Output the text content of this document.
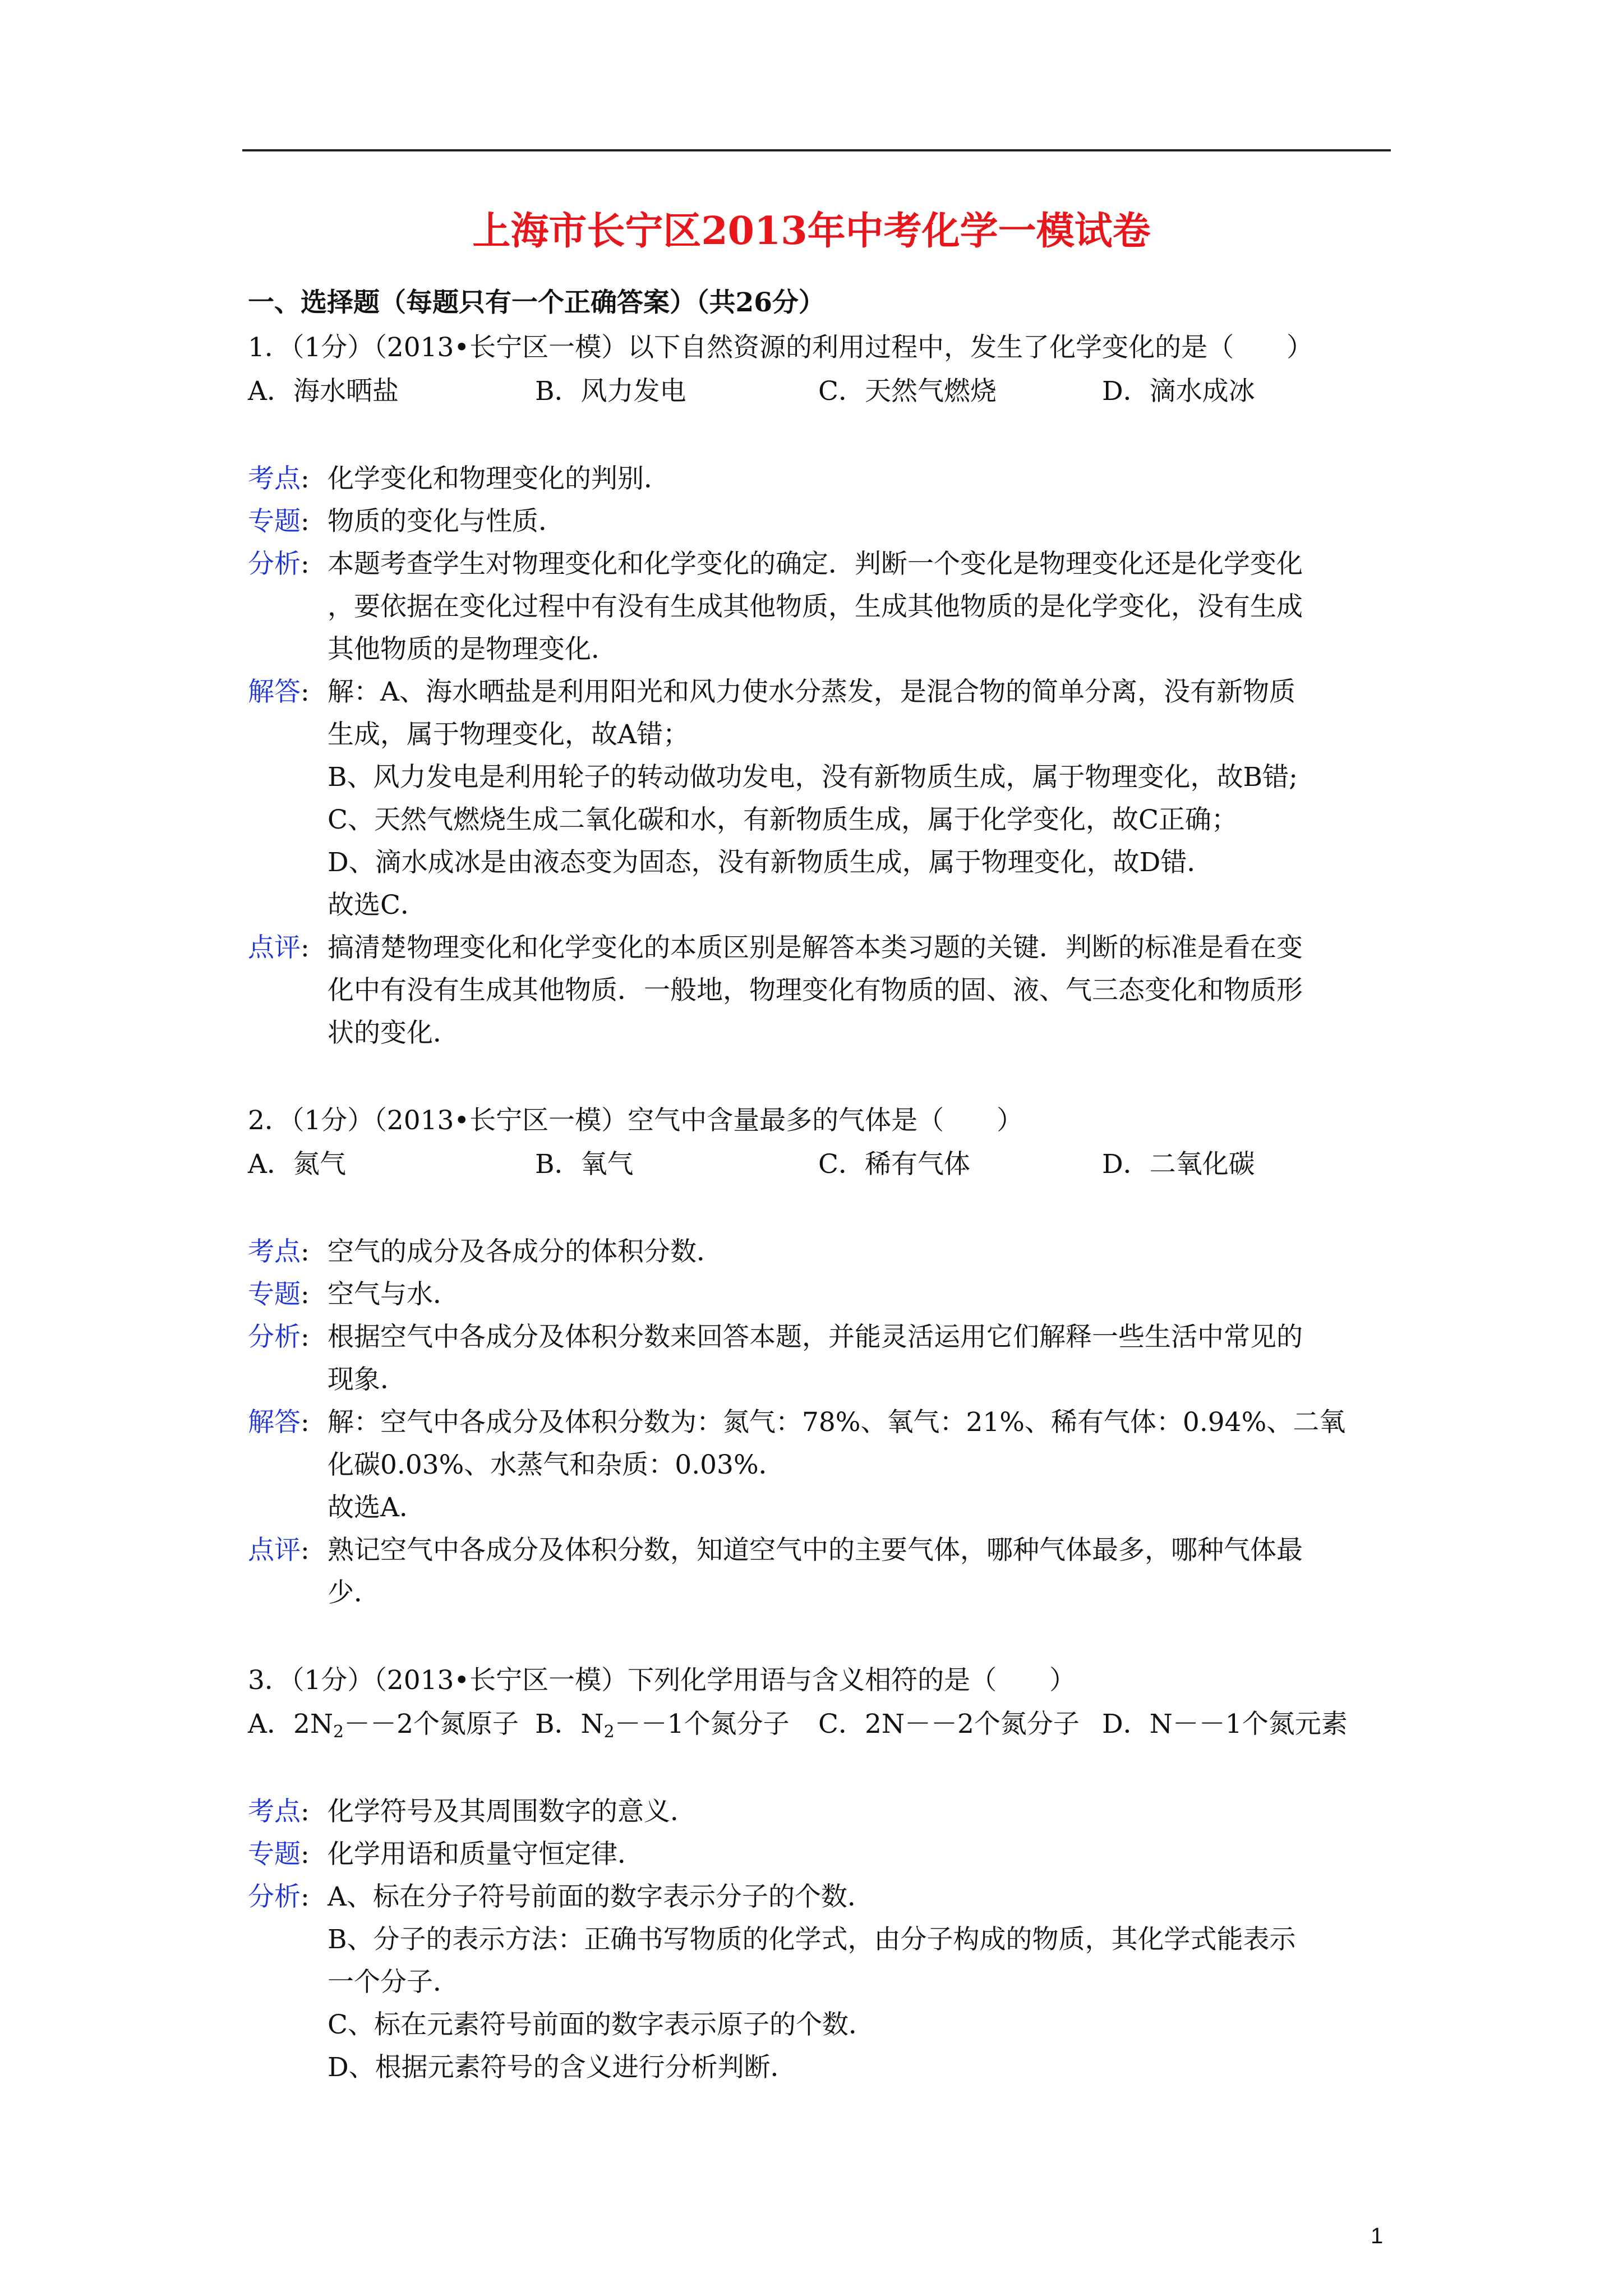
上海市长宁区2013年中考化学一模试卷
一、选择题（每题只有一个正确答案）（共26分）
1．（1分）（2013•长宁区一模）以下自然资源的利用过程中，发生了化学变化的是（　　）
A．海水晒盐	B．风力发电	C．天然气燃烧	D．滴水成冰
考点: 化学变化和物理变化的判别．
专题: 物质的变化与性质．
分析: 本题考查学生对物理变化和化学变化的确定．判断一个变化是物理变化还是化学变化
，要依据在变化过程中有没有生成其他物质，生成其他物质的是化学变化，没有生成
其他物质的是物理变化．
解答: 解：A、海水晒盐是利用阳光和风力使水分蒸发，是混合物的简单分离，没有新物质
生成，属于物理变化，故A错；
B、风力发电是利用轮子的转动做功发电，没有新物质生成，属于物理变化，故B错;
C、天然气燃烧生成二氧化碳和水，有新物质生成，属于化学变化，故C正确；
D、滴水成冰是由液态变为固态，没有新物质生成，属于物理变化，故D错．
故选C．
点评: 搞清楚物理变化和化学变化的本质区别是解答本类习题的关键．判断的标准是看在变
化中有没有生成其他物质．一般地，物理变化有物质的固、液、气三态变化和物质形
状的变化．
2．（1分）（2013•长宁区一模）空气中含量最多的气体是（　　）
A．氮气	B．氧气	C．稀有气体	D．二氧化碳
考点: 空气的成分及各成分的体积分数．
专题: 空气与水．
分析: 根据空气中各成分及体积分数来回答本题，并能灵活运用它们解释一些生活中常见的
现象．
解答: 解：空气中各成分及体积分数为：氮气：78%、氧气：21%、稀有气体：0.94%、二氧
化碳0.03%、水蒸气和杂质：0.03%．
故选A．
点评: 熟记空气中各成分及体积分数，知道空气中的主要气体，哪种气体最多，哪种气体最
少．
3．（1分）（2013•长宁区一模）下列化学用语与含义相符的是（　　）
A．$2N_2--2$个氮原子 B．$N_2--1$个氮分子 C．2N－－2个氮分子 D．N－－1个氮元素
考点: 化学符号及其周围数字的意义．
专题: 化学用语和质量守恒定律．
分析: A、标在分子符号前面的数字表示分子的个数．
B、分子的表示方法：正确书写物质的化学式，由分子构成的物质，其化学式能表示
一个分子．
C、标在元素符号前面的数字表示原子的个数．
D、根据元素符号的含义进行分析判断．
1
